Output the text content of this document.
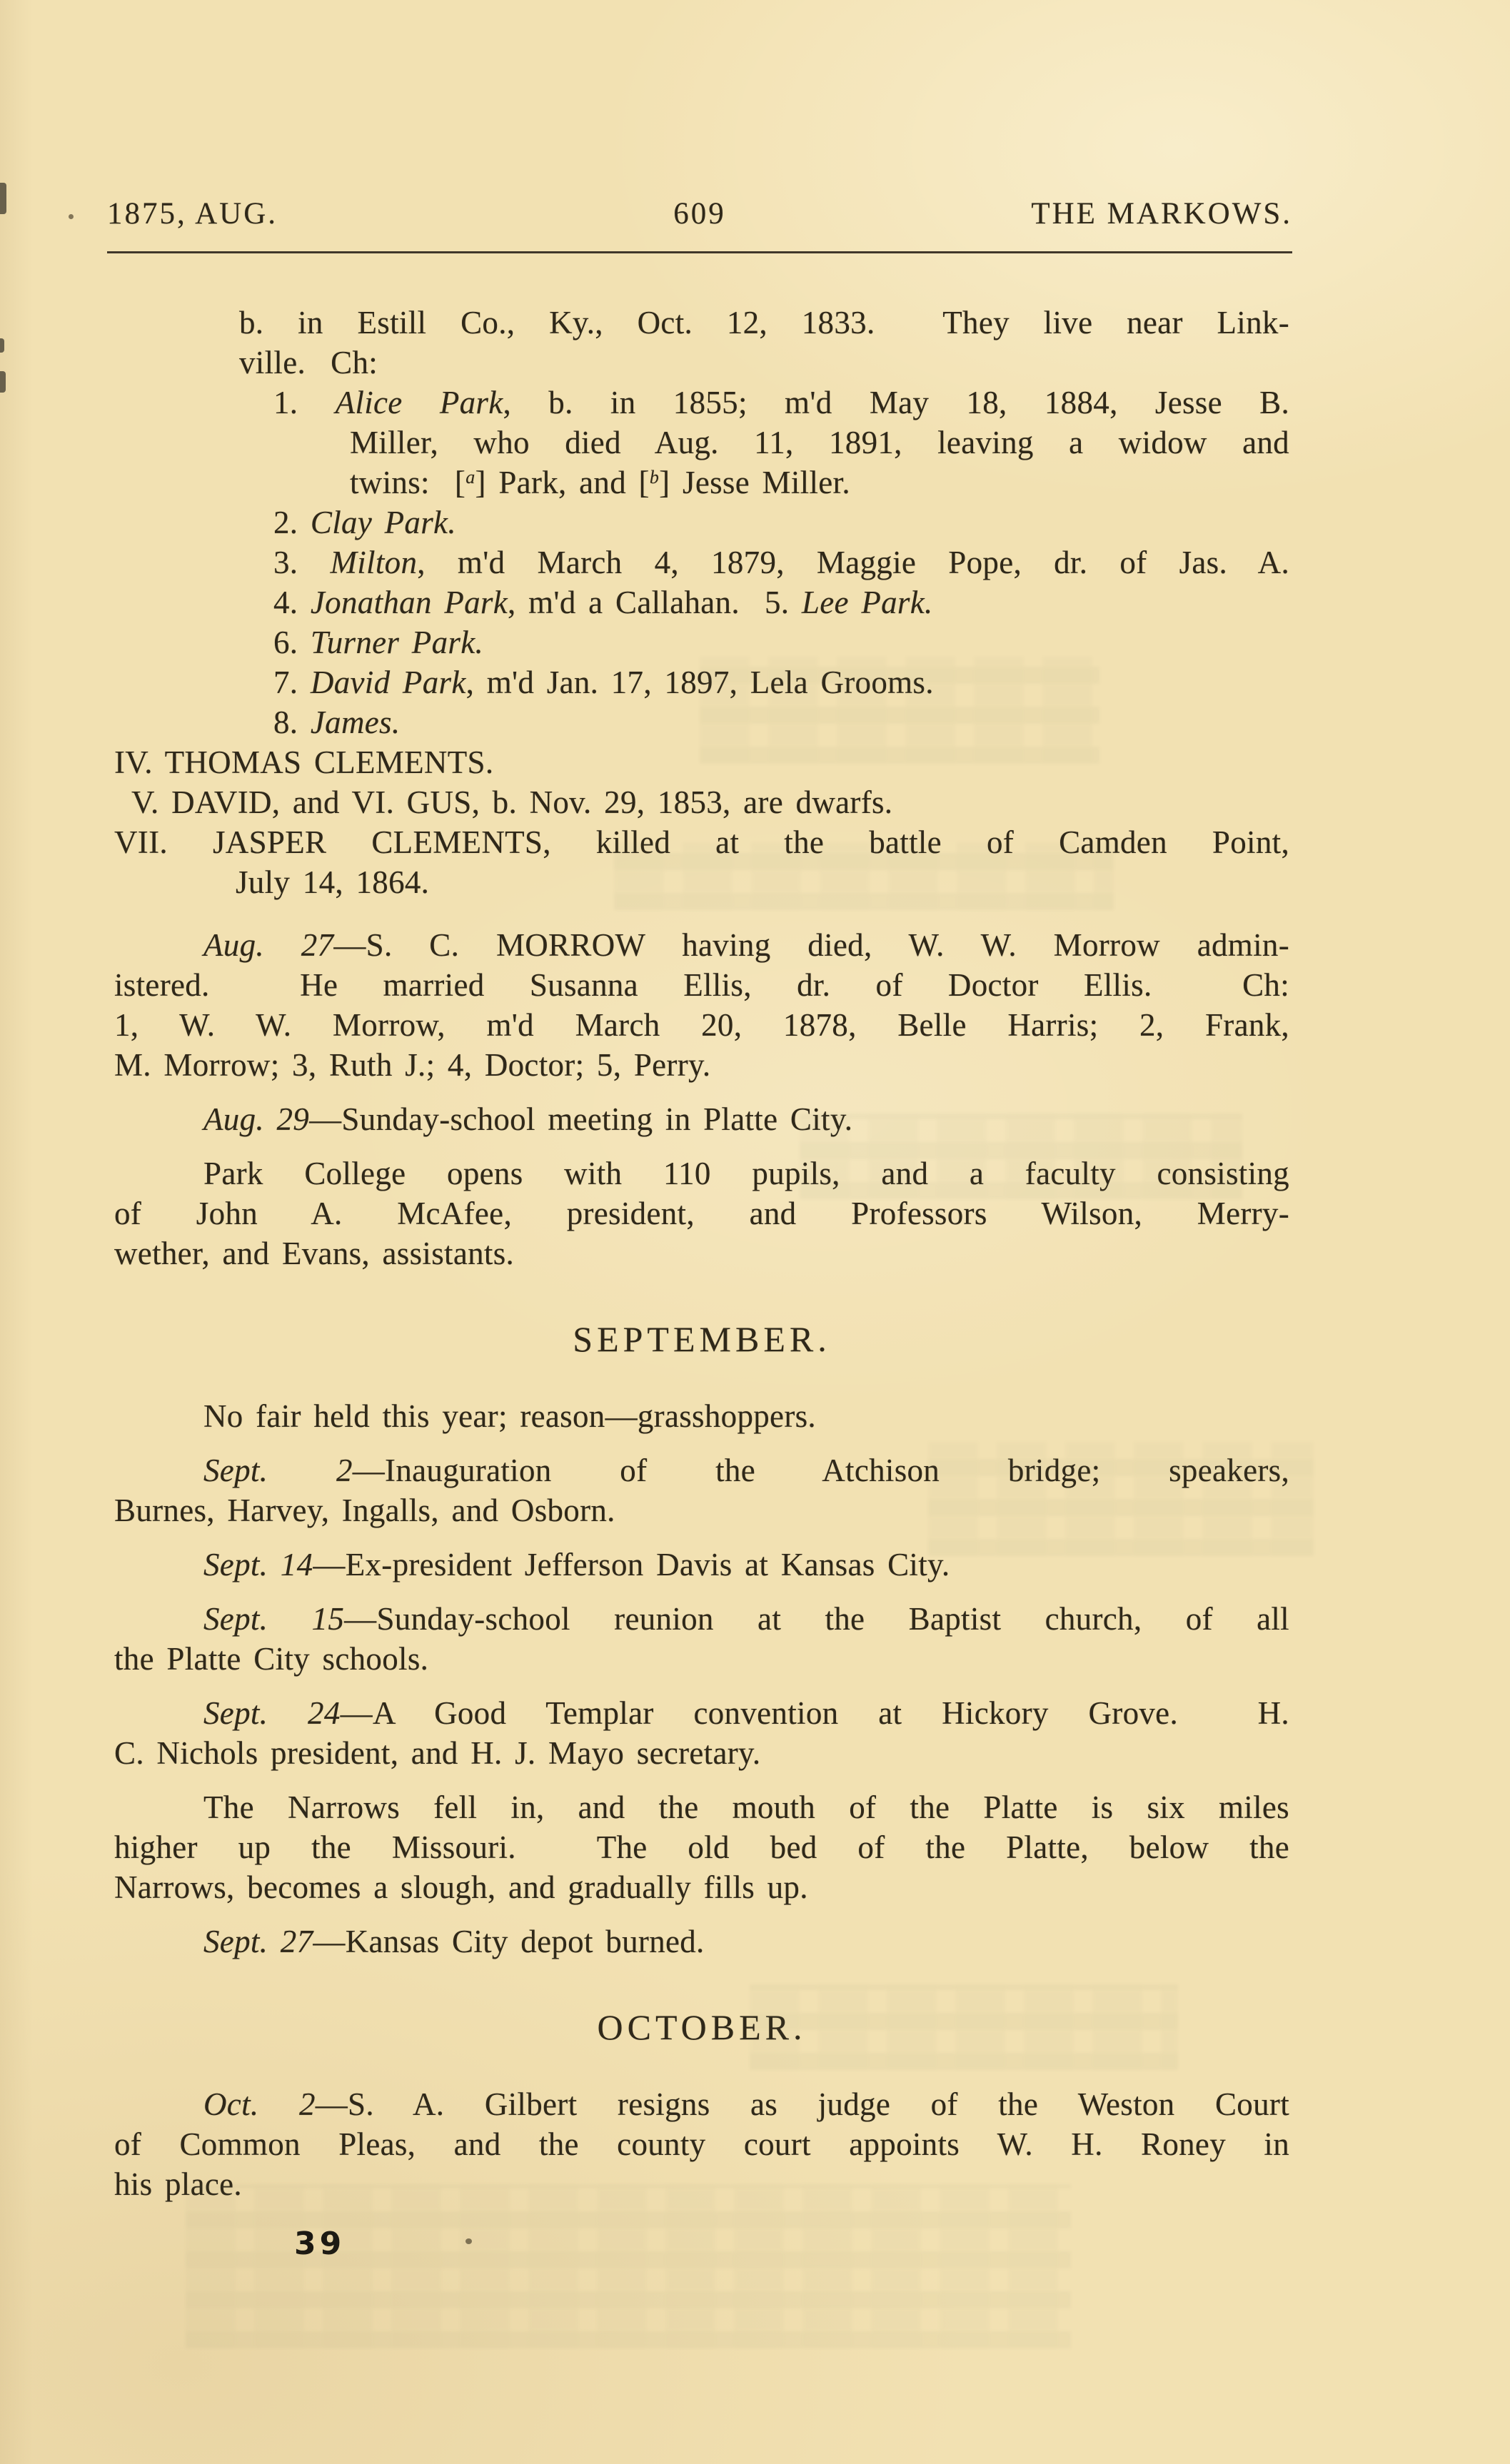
1875, AUG.	609	THE MARKOWS.
b. in Estill Co., Ky., Oct. 12, 1833.  They live near Link-
ville.  Ch:
1. Alice Park, b. in 1855; m'd May 18, 1884, Jesse B.
Miller, who died Aug. 11, 1891, leaving a widow and
twins:  [$^a$] Park, and [$^b$] Jesse Miller.
2. Clay Park.
3. Milton, m'd March 4, 1879, Maggie Pope, dr. of Jas. A.
4. Jonathan Park, m'd a Callahan.  5. Lee Park.
6. Turner Park.
7. David Park, m'd Jan. 17, 1897, Lela Grooms.
8. James.
IV. THOMAS CLEMENTS.
V. DAVID, and VI. GUS, b. Nov. 29, 1853, are dwarfs.
VII. JASPER CLEMENTS, killed at the battle of Camden Point,
July 14, 1864.
Aug. 27—S. C. MORROW having died, W. W. Morrow admin-
istered.  He married Susanna Ellis, dr. of Doctor Ellis.  Ch:
1, W. W. Morrow, m'd March 20, 1878, Belle Harris; 2, Frank,
M. Morrow; 3, Ruth J.; 4, Doctor; 5, Perry.
Aug. 29—Sunday-school meeting in Platte City.
Park College opens with 110 pupils, and a faculty consisting
of John A. McAfee, president, and Professors Wilson, Merry-
wether, and Evans, assistants.
SEPTEMBER.
No fair held this year; reason—grasshoppers.
Sept. 2—Inauguration of the Atchison bridge; speakers,
Burnes, Harvey, Ingalls, and Osborn.
Sept. 14—Ex-president Jefferson Davis at Kansas City.
Sept. 15—Sunday-school reunion at the Baptist church, of all
the Platte City schools.
Sept. 24—A Good Templar convention at Hickory Grove.  H.
C. Nichols president, and H. J. Mayo secretary.
The Narrows fell in, and the mouth of the Platte is six miles
higher up the Missouri.  The old bed of the Platte, below the
Narrows, becomes a slough, and gradually fills up.
Sept. 27—Kansas City depot burned.
OCTOBER.
Oct. 2—S. A. Gilbert resigns as judge of the Weston Court
of Common Pleas, and the county court appoints W. H. Roney in
his place.
39
